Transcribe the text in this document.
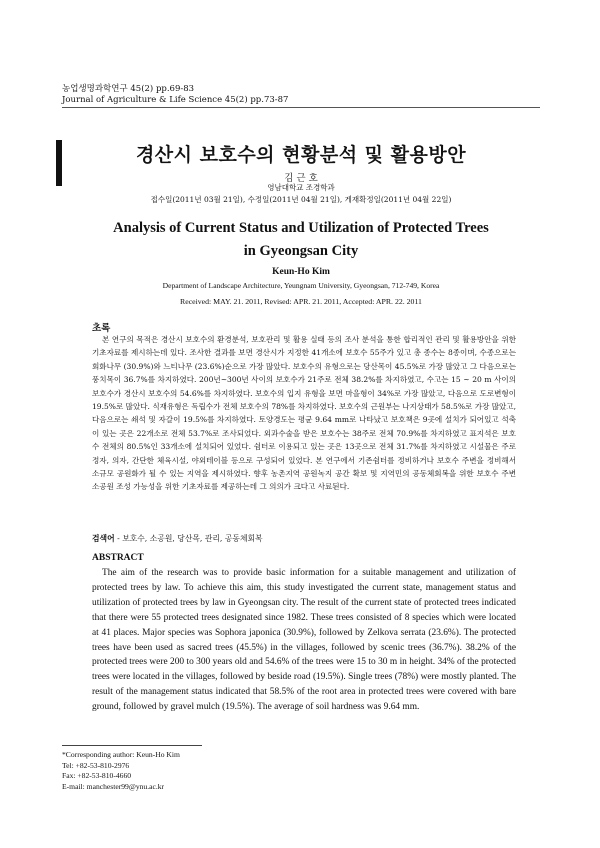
농업생명과학연구 45(2) pp.69-83
Journal of Agriculture & Life Science 45(2) pp.73-87
경산시 보호수의 현황분석 및 활용방안
김 근 호
영남대학교 조경학과
접수일(2011년 03월 21일), 수정일(2011년 04월 21일), 게재확정일(2011년 04월 22일)
Analysis of Current Status and Utilization of Protected Trees
in Gyeongsan City
Keun-Ho Kim
Department of Landscape Architecture, Yeungnam University, Gyeongsan, 712-749, Korea
Received: MAY. 21. 2011, Revised: APR. 21. 2011, Accepted: APR. 22. 2011
초록
본 연구의 목적은 경산시 보호수의 환경분석, 보호관리 및 활용 실태 등의 조사 분석을 통한 합리적인 관리 및 활용방안을 위한 기초자료를 제시하는데 있다. 조사한 결과를 보면 경산시가 지정한 41개소에 보호수 55주가 있고 총 종수는 8종이며, 수종으로는 회화나무 (30.9%)와 느티나무 (23.6%)순으로 가장 많았다. 보호수의 유형으로는 당산목이 45.5%로 가장 많았고 그 다음으로는 풍치목이 36.7%를 차지하였다. 200년~300년 사이의 보호수가 21주로 전체 38.2%를 차지하였고, 수고는 15 ~ 20 m 사이의 보호수가 경산시 보호수의 54.6%를 차지하였다. 보호수의 입지 유형을 보면 마을형이 34%로 가장 많았고, 다음으로 도로변형이 19.5%로 많았다. 식재유형은 독립수가 전체 보호수의 78%를 차지하였다. 보호수의 근원부는 나지상태가 58.5%로 가장 많았고, 다음으로는 쇄석 및 자갈이 19.5%를 차지하였다. 토양경도는 평균 9.64 mm로 나타났고 보호책은 9곳에 설치가 되어있고 석축이 있는 곳은 22개소로 전체 53.7%로 조사되었다. 외과수술을 받은 보호수는 38주로 전체 70.9%를 차지하였고 표지석은 보호수 전체의 80.5%인 33개소에 설치되어 있었다. 쉼터로 이용되고 있는 곳은 13곳으로 전체 31.7%를 차지하였고 시설물은 주로 정자, 의자, 간단한 체육시설, 야외테이블 등으로 구성되어 있었다. 본 연구에서 기존쉼터를 정비하거나 보호수 주변을 정비해서 소규모 공원화가 될 수 있는 지역을 제시하였다. 향후 농촌지역 공원녹지 공간 확보 및 지역민의 공동체회복을 위한 보호수 주변 소공원 조성 가능성을 위한 기초자료를 제공하는데 그 의의가 크다고 사료된다.
검색어 - 보호수, 소공원, 당산목, 관리, 공동체회복
ABSTRACT
The aim of the research was to provide basic information for a suitable management and utilization of protected trees by law. To achieve this aim, this study investigated the current state, management status and utilization of protected trees by law in Gyeongsan city. The result of the current state of protected trees indicated that there were 55 protected trees designated since 1982. These trees consisted of 8 species which were located at 41 places. Major species was Sophora japonica (30.9%), followed by Zelkova serrata (23.6%). The protected trees have been used as sacred trees (45.5%) in the villages, followed by scenic trees (36.7%). 38.2% of the protected trees were 200 to 300 years old and 54.6% of the trees were 15 to 30 m in height. 34% of the protected trees were located in the villages, followed by beside road (19.5%). Single trees (78%) were mostly planted. The result of the management status indicated that 58.5% of the root area in protected trees were covered with bare ground, followed by gravel mulch (19.5%). The average of soil hardness was 9.64 mm.
*Corresponding author: Keun-Ho Kim
Tel: +82-53-810-2976
Fax: +82-53-810-4660
E-mail: manchester99@ynu.ac.kr
